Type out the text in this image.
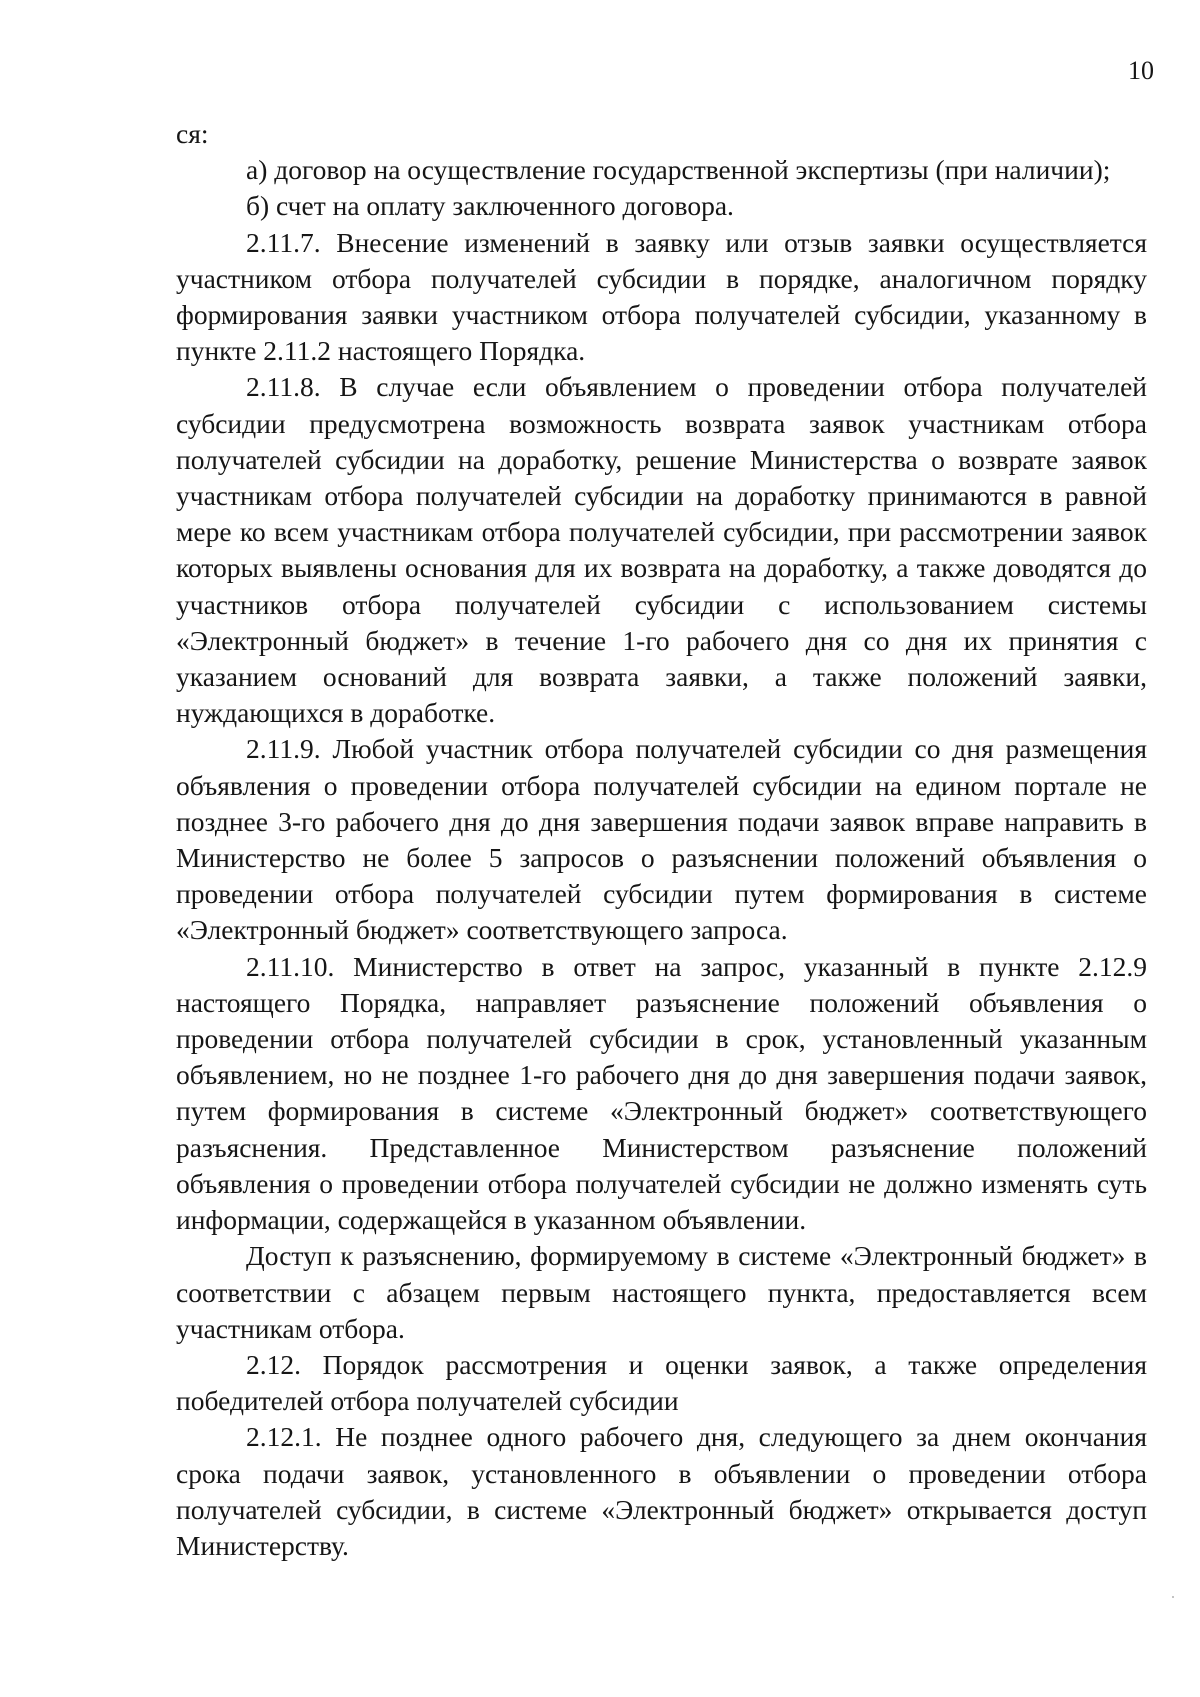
10

ся:

а) договор на осуществление государственной экспертизы (при наличии);

б) счет на оплату заключенного договора.

2.11.7. Внесение изменений в заявку или отзыв заявки осуществляется участником отбора получателей субсидии в порядке, аналогичном порядку формирования заявки участником отбора получателей субсидии, указанному в пункте 2.11.2 настоящего Порядка.

2.11.8. В случае если объявлением о проведении отбора получателей субсидии предусмотрена возможность возврата заявок участникам отбора получателей субсидии на доработку, решение Министерства о возврате заявок участникам отбора получателей субсидии на доработку принимаются в равной мере ко всем участникам отбора получателей субсидии, при рассмотрении заявок которых выявлены основания для их возврата на доработку, а также доводятся до участников отбора получателей субсидии с использованием системы «Электронный бюджет» в течение 1-го рабочего дня со дня их принятия с указанием оснований для возврата заявки, а также положений заявки, нуждающихся в доработке.

2.11.9. Любой участник отбора получателей субсидии со дня размещения объявления о проведении отбора получателей субсидии на едином портале не позднее 3-го рабочего дня до дня завершения подачи заявок вправе направить в Министерство не более 5 запросов о разъяснении положений объявления о проведении отбора получателей субсидии путем формирования в системе «Электронный бюджет» соответствующего запроса.

2.11.10. Министерство в ответ на запрос, указанный в пункте 2.12.9 настоящего Порядка, направляет разъяснение положений объявления о проведении отбора получателей субсидии в срок, установленный указанным объявлением, но не позднее 1-го рабочего дня до дня завершения подачи заявок, путем формирования в системе «Электронный бюджет» соответствующего разъяснения. Представленное Министерством разъяснение положений объявления о проведении отбора получателей субсидии не должно изменять суть информации, содержащейся в указанном объявлении.

Доступ к разъяснению, формируемому в системе «Электронный бюджет» в соответствии с абзацем первым настоящего пункта, предоставляется всем участникам отбора.

2.12. Порядок рассмотрения и оценки заявок, а также определения победителей отбора получателей субсидии

2.12.1. Не позднее одного рабочего дня, следующего за днем окончания срока подачи заявок, установленного в объявлении о проведении отбора получателей субсидии, в системе «Электронный бюджет» открывается доступ Министерству.
